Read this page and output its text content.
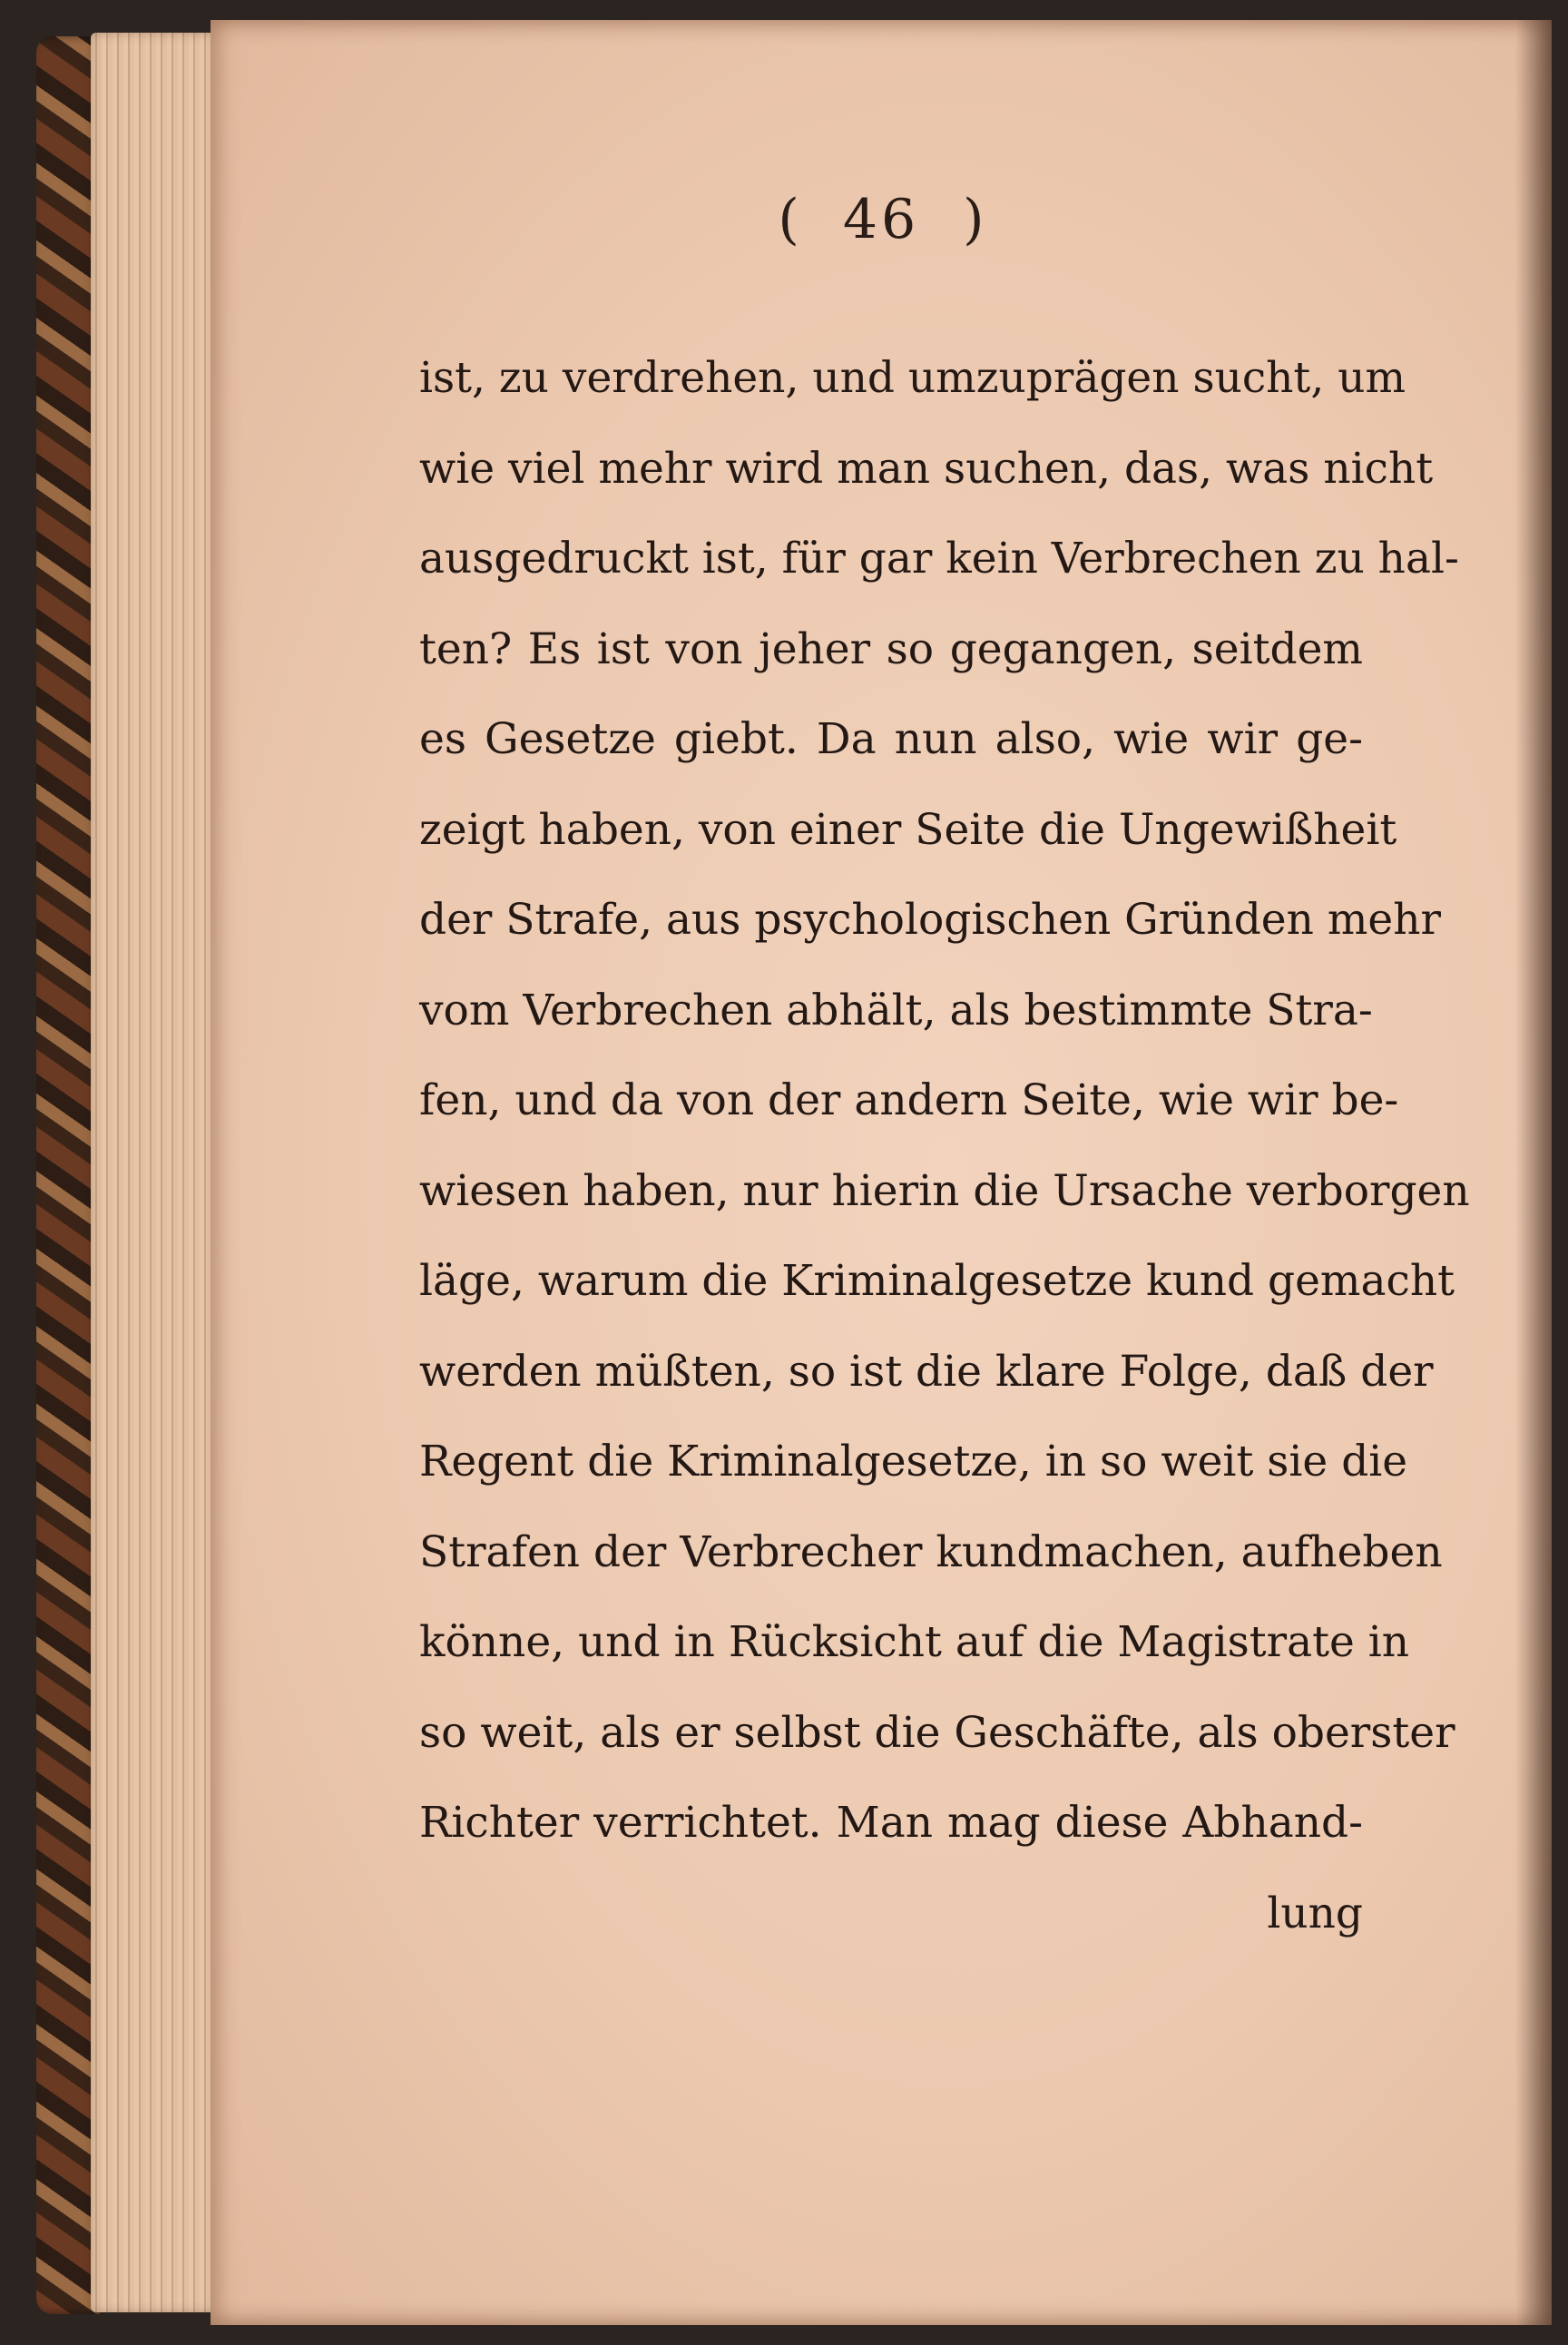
( 46 )
ist, zu verdrehen, und umzuprägen sucht, um
wie viel mehr wird man suchen, das, was nicht
ausgedruckt ist, für gar kein Verbrechen zu hal-
ten? Es ist von jeher so gegangen, seitdem
es Gesetze giebt. Da nun also, wie wir ge-
zeigt haben, von einer Seite die Ungewißheit
der Strafe, aus psychologischen Gründen mehr
vom Verbrechen abhält, als bestimmte Stra-
fen, und da von der andern Seite, wie wir be-
wiesen haben, nur hierin die Ursache verborgen
läge, warum die Kriminalgesetze kund gemacht
werden müßten, so ist die klare Folge, daß der
Regent die Kriminalgesetze, in so weit sie die
Strafen der Verbrecher kundmachen, aufheben
könne, und in Rücksicht auf die Magistrate in
so weit, als er selbst die Geschäfte, als oberster
Richter verrichtet. Man mag diese Abhand-
lung
